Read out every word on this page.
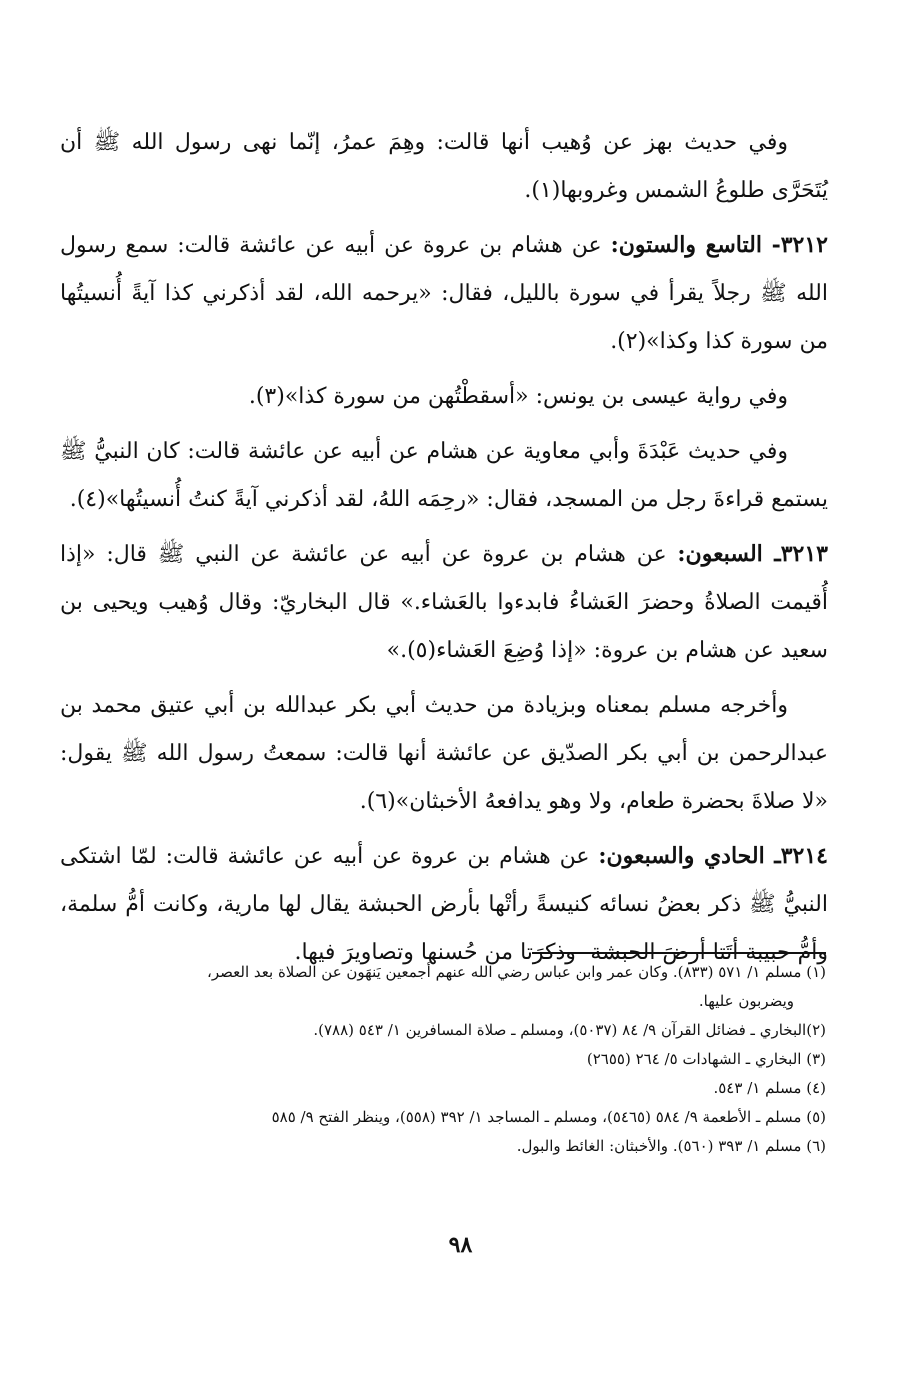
وفي حديث بهز عن وُهيب أنها قالت: وهِمَ عمرُ، إنّما نهى رسول الله ﷺ أن يُتَحَرَّى طلوعُ الشمس وغروبها(١).

٣٢١٢- التاسع والستون: عن هشام بن عروة عن أبيه عن عائشة قالت: سمع رسول الله ﷺ رجلاً يقرأ في سورة بالليل، فقال: «يرحمه الله، لقد أذكرني كذا آيةً أُنسيتُها من سورة كذا وكذا»(٢).

وفي رواية عيسى بن يونس: «أسقطْتُهن من سورة كذا»(٣).

وفي حديث عَبْدَةَ وأبي معاوية عن هشام عن أبيه عن عائشة قالت: كان النبيُّ ﷺ يستمع قراءةَ رجل من المسجد، فقال: «رحِمَه اللهُ، لقد أذكرني آيةً كنتُ أُنسيتُها»(٤).

٣٢١٣ـ السبعون: عن هشام بن عروة عن أبيه عن عائشة عن النبي ﷺ قال: «إذا أُقيمت الصلاةُ وحضرَ العَشاءُ فابدءوا بالعَشاء.» قال البخاريّ: وقال وُهيب ويحيى بن سعيد عن هشام بن عروة: «إذا وُضِعَ العَشاء(٥).»

وأخرجه مسلم بمعناه وبزيادة من حديث أبي بكر عبدالله بن أبي عتيق محمد بن عبدالرحمن بن أبي بكر الصدّيق عن عائشة أنها قالت: سمعتُ رسول الله ﷺ يقول: «لا صلاةَ بحضرة طعام، ولا وهو يدافعهُ الأخبثان»(٦).

٣٢١٤ـ الحادي والسبعون: عن هشام بن عروة عن أبيه عن عائشة قالت: لمّا اشتكى النبيُّ ﷺ ذكر بعضُ نسائه كنيسةً رأتْها بأرض الحبشة يقال لها مارية، وكانت أمُّ سلمة، وأمُّ حبيبة أتَتا أرضَ الحبشة- وذكرَتا من حُسنها وتصاويرَ فيها.

(١) مسلم ١/ ٥٧١ (٨٣٣). وكان عمر وابن عباس رضي الله عنهم أجمعين يَنهَون عن الصلاة بعد العصر،

ويضربون عليها.

(٢)البخاري ـ فضائل القرآن ٩/ ٨٤ (٥٠٣٧)، ومسلم ـ صلاة المسافرين ١/ ٥٤٣ (٧٨٨).

(٣) البخاري ـ الشهادات ٥/ ٢٦٤ (٢٦٥٥)

(٤) مسلم ١/ ٥٤٣.

(٥) مسلم ـ الأطعمة ٩/ ٥٨٤ (٥٤٦٥)، ومسلم ـ المساجد ١/ ٣٩٢ (٥٥٨)، وينظر الفتح ٩/ ٥٨٥

(٦) مسلم ١/ ٣٩٣ (٥٦٠). والأخبثان: الغائط والبول.

٩٨
